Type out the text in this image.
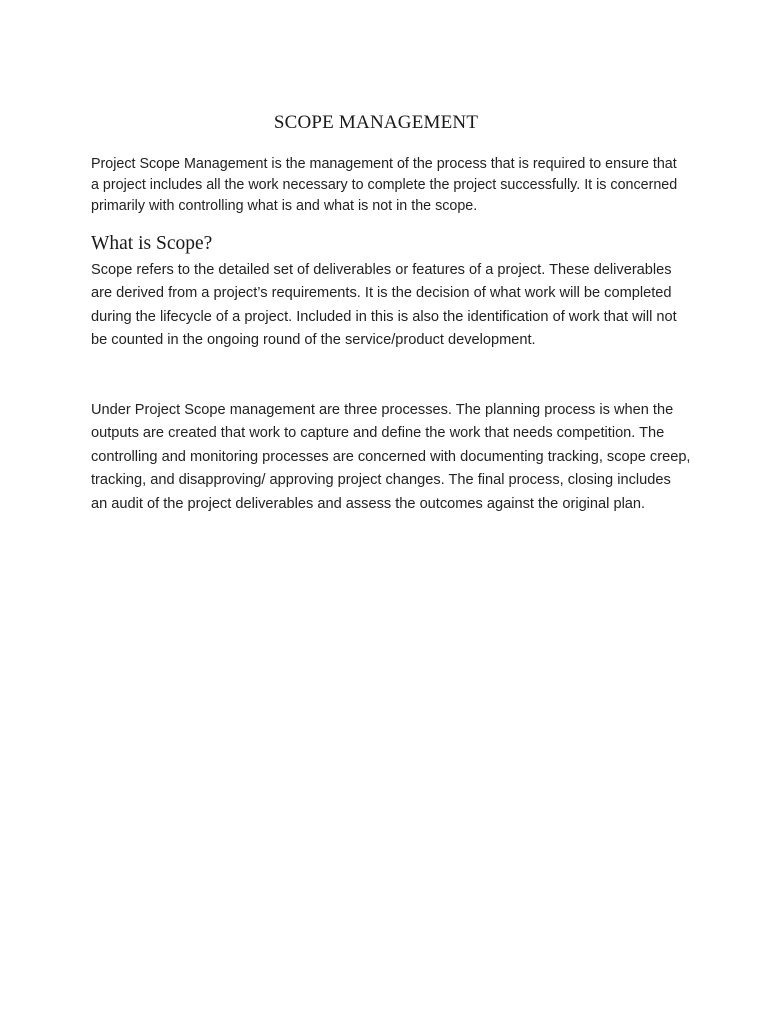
SCOPE MANAGEMENT

Project Scope Management is the management of the process that is required to ensure that a project includes all the work necessary to complete the project successfully. It is concerned primarily with controlling what is and what is not in the scope.

What is Scope?

Scope refers to the detailed set of deliverables or features of a project. These deliverables are derived from a project’s requirements. It is the decision of what work will be completed during the lifecycle of a project. Included in this is also the identification of work that will not be counted in the ongoing round of the service/product development.

Under Project Scope management are three processes. The planning process is when the outputs are created that work to capture and define the work that needs competition. The controlling and monitoring processes are concerned with documenting tracking, scope creep, tracking, and disapproving/ approving project changes. The final process, closing includes an audit of the project deliverables and assess the outcomes against the original plan.
